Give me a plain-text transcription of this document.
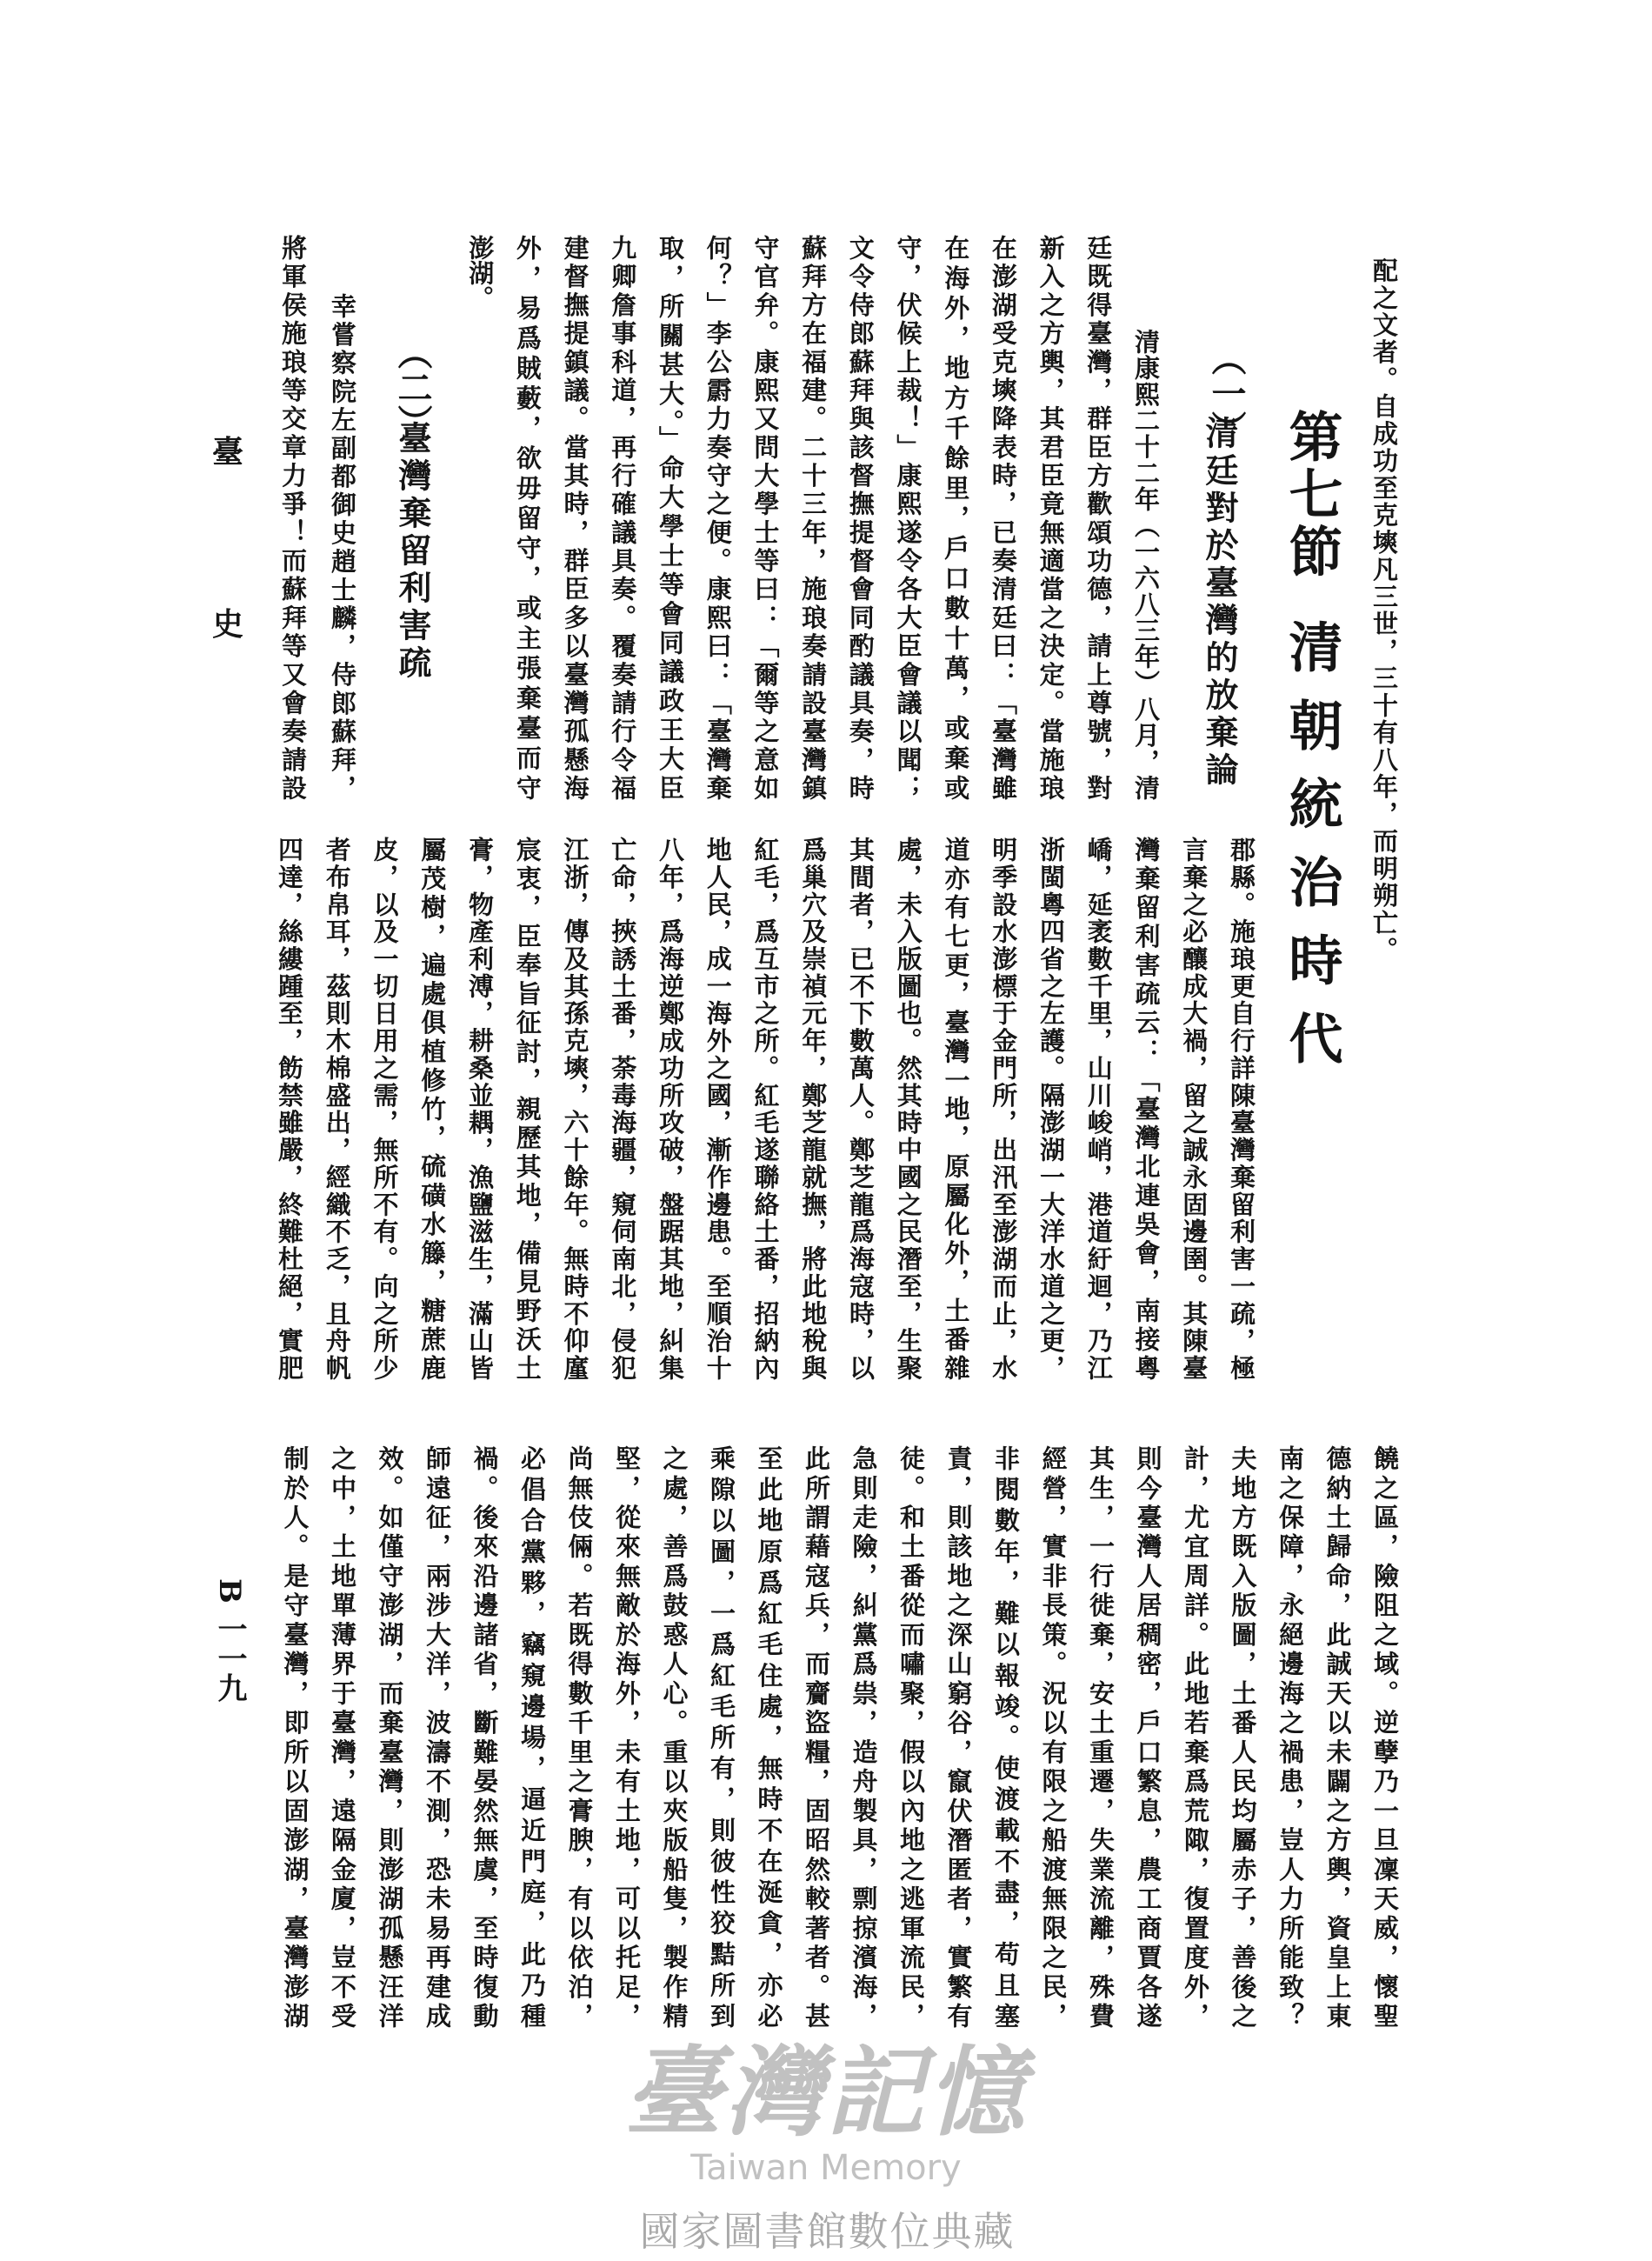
配之文者。自成功至克塽凡三世，三十有八年，而明朔亡。
第七節清朝統治時代
（一）
清廷對於臺灣的放棄論
（二）
臺灣棄留利害疏	清康熙二十二年（一六八三年）八月，清
廷既得臺灣，群臣方歡頌功德，請上尊號，對
新入之方輿，其君臣竟無適當之決定。當施琅
在澎湖受克塽降表時，已奏清廷曰：「臺灣雖
在海外，地方千餘里，戶口數十萬，或棄或
守，伏候上裁！」康熙遂令各大臣會議以聞；
文令侍郎蘇拜與該督撫提督會同酌議具奏，時
蘇拜方在福建。二十三年，施琅奏請設臺灣鎮
守官弁。康熙又問大學士等曰：「爾等之意如
何？」李公霨力奏守之便。康熙曰：「臺灣棄
取，所關甚大。」命大學士等會同議政王大臣
九卿詹事科道，再行確議具奏。覆奏請行令福
建督撫提鎮議。當其時，群臣多以臺灣孤懸海
外，易爲賊藪，欲毋留守，或主張棄臺而守
澎湖。
幸嘗察院左副都御史趙士麟，侍郎蘇拜，
將軍侯施琅等交章力爭！而蘇拜等又會奏請設
郡縣。施琅更自行詳陳臺灣棄留利害一疏，極
言棄之必釀成大禍，留之誠永固邊圉。其陳臺
灣棄留利害疏云：「臺灣北連吳會，南接粵
嶠，延袤數千里，山川峻峭，港道紆迴，乃江
浙閩粵四省之左護。隔澎湖一大洋水道之更，
明季設水澎標于金門所，出汛至澎湖而止，水
道亦有七更，臺灣一地，原屬化外，土番雜
處，未入版圖也。然其時中國之民潛至，生聚
其間者，已不下數萬人。鄭芝龍爲海寇時，以
爲巢穴及崇禎元年，鄭芝龍就撫，將此地稅與
紅毛，爲互市之所。紅毛遂聯絡土番，招納內
地人民，成一海外之國，漸作邊患。至順治十
八年，爲海逆鄭成功所攻破，盤踞其地，糾集
亡命，挾誘土番，荼毒海疆，窺伺南北，侵犯
江浙，傳及其孫克塽，六十餘年。無時不仰廑
宸衷，臣奉旨征討，親歷其地，備見野沃土
膏，物產利溥，耕桑並耦，漁鹽滋生，滿山皆
屬茂樹，遍處俱植修竹，硫磺水籐，糖蔗鹿
皮，以及一切日用之需，無所不有。向之所少
者布帛耳，茲則木棉盛出，經織不乏，且舟帆
四達，絲縷踵至，飭禁雖嚴，終難杜絕，實肥
饒之區，險阻之域。逆孽乃一旦凜天威，懷聖
德納土歸命，此誠天以未闢之方輿，資皇上東
南之保障，永絕邊海之禍患，豈人力所能致？
夫地方既入版圖，土番人民均屬赤子，善後之
計，尤宜周詳。此地若棄爲荒陬，復置度外，
則今臺灣人居稠密，戶口繁息，農工商賈各遂
其生，一行徙棄，安土重遷，失業流離，殊費
經營，實非長策。況以有限之船渡無限之民，
非閱數年，難以報竣。使渡載不盡，苟且塞
責，則該地之深山窮谷，竄伏潛匿者，實繁有
徒。和土番從而嘯聚，假以內地之逃軍流民，
急則走險，糾黨爲祟，造舟製具，剽掠濱海，
此所謂藉寇兵，而齎盜糧，固昭然較著者。甚
至此地原爲紅毛住處，無時不在涎貪，亦必
乘隙以圖，一爲紅毛所有，則彼性狡黠所到
之處，善爲鼓惑人心。重以夾版船隻，製作精
堅，從來無敵於海外，未有土地，可以托足，
尚無伎倆。若既得數千里之膏腴，有以依泊，
必倡合黨夥，竊窺邊場，逼近門庭，此乃種
禍。後來沿邊諸省，斷難晏然無虞，至時復動
師遠征，兩涉大洋，波濤不測，恐未易再建成
效。如僅守澎湖，而棄臺灣，則澎湖孤懸汪洋
之中，土地單薄界于臺灣，遠隔金廈，豈不受
制於人。是守臺灣，即所以固澎湖，臺灣澎湖
臺
史
B 一一九
臺灣記憶
Taiwan Memory
國家圖書館數位典藏
